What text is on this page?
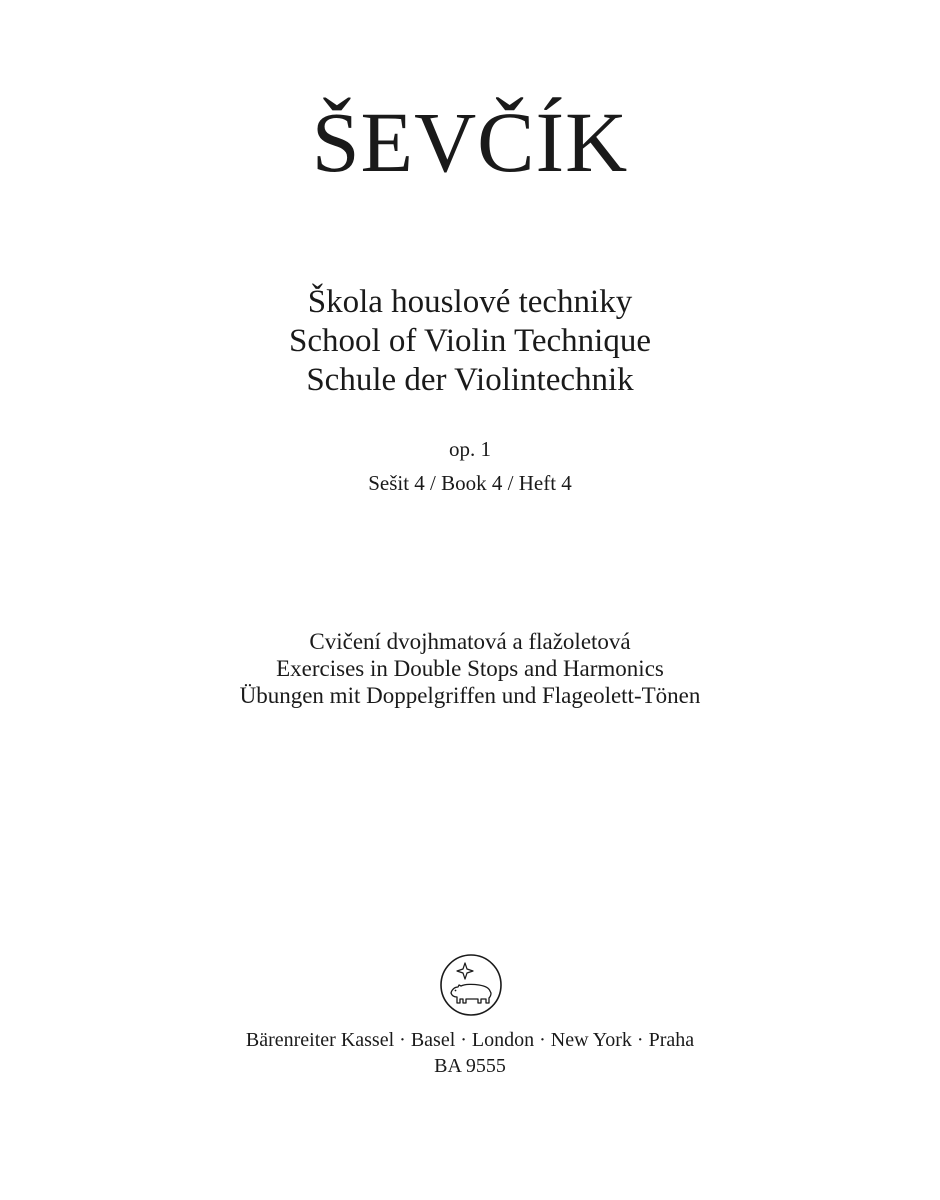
ŠEVČÍK
Škola houslové techniky
School of Violin Technique
Schule der Violintechnik
op. 1
Sešit 4 / Book 4 / Heft 4
Cvičení dvojhmatová a flažoletová
Exercises in Double Stops and Harmonics
Übungen mit Doppelgriffen und Flageolett-Tönen
Bärenreiter Kassel · Basel · London · New York · Praha
BA 9555
